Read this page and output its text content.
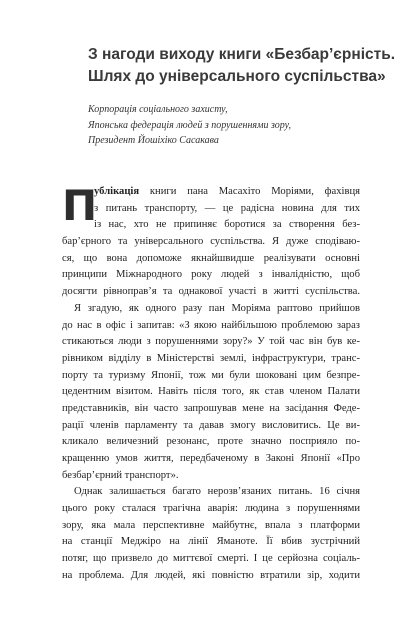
З нагоди виходу книги «Безбар’єрність.
Шлях до універсального суспільства»
Корпорація соціального захисту,
Японська федерація людей з порушеннями зору,
Президент Йошіхіко Сасакава
П
ублікація книги пана Масахіто Моріями, фахівця
з питань транспорту, — це радісна новина для тих
із нас, хто не припиняє боротися за створення без-
бар’єрного та універсального суспільства. Я дуже сподіваю-
ся, що вона допоможе якнайшвидше реалізувати основні
принципи Міжнародного року людей з інвалідністю, щоб
досягти рівноправ’я та однакової участі в житті суспільства.
Я згадую, як одного разу пан Моріяма раптово прийшов
до нас в офіс і запитав: «З якою найбільшою проблемою зараз
стикаються люди з порушеннями зору?» У той час він був ке-
рівником відділу в Міністерстві землі, інфраструктури, транс-
порту та туризму Японії, тож ми були шоковані цим безпре-
цедентним візитом. Навіть після того, як став членом Палати
представників, він часто запрошував мене на засідання Феде-
рації членів парламенту та давав змогу висловитись. Це ви-
кликало величезний резонанс, проте значно посприяло по-
кращенню умов життя, передбаченому в Законі Японії «Про
безбар’єрний транспорт».
Однак залишається багато нерозв’язаних питань. 16 січня
цього року сталася трагічна аварія: людина з порушеннями
зору, яка мала перспективне майбутнє, впала з платформи
на станції Меджіро на лінії Яманоте. Її вбив зустрічний
потяг, що призвело до миттєвої смерті. І це серйозна соціаль-
на проблема. Для людей, які повністю втратили зір, ходити
